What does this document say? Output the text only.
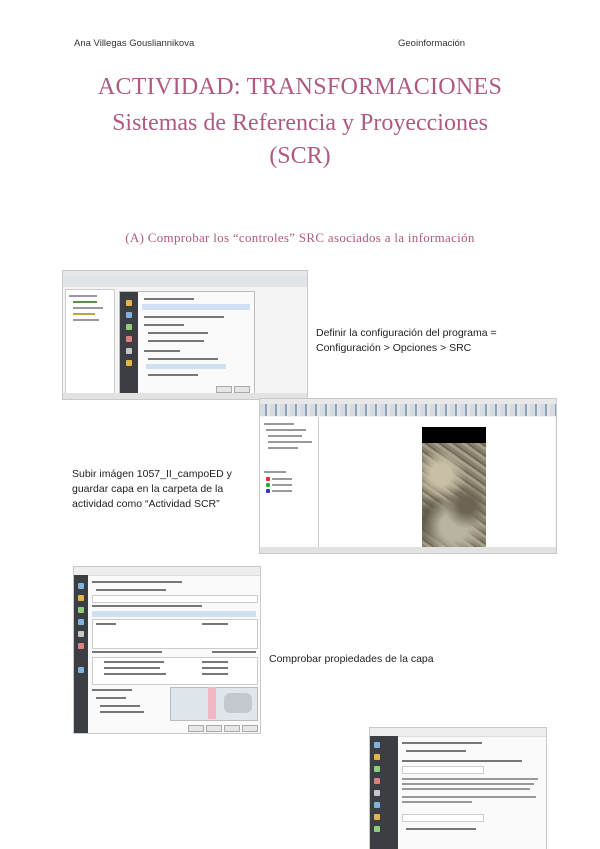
Ana Villegas Gousliannikova	Geoinformación
ACTIVIDAD: TRANSFORMACIONES
Sistemas de Referencia y Proyecciones
(SCR)
(A) Comprobar los “controles” SRC asociados a la información
Definir la configuración del programa =
Configuración > Opciones > SRC
Subir imágen 1057_II_campoED y
guardar capa en la carpeta de la
actividad como “Actividad SCR”
Comprobar propiedades de la capa
